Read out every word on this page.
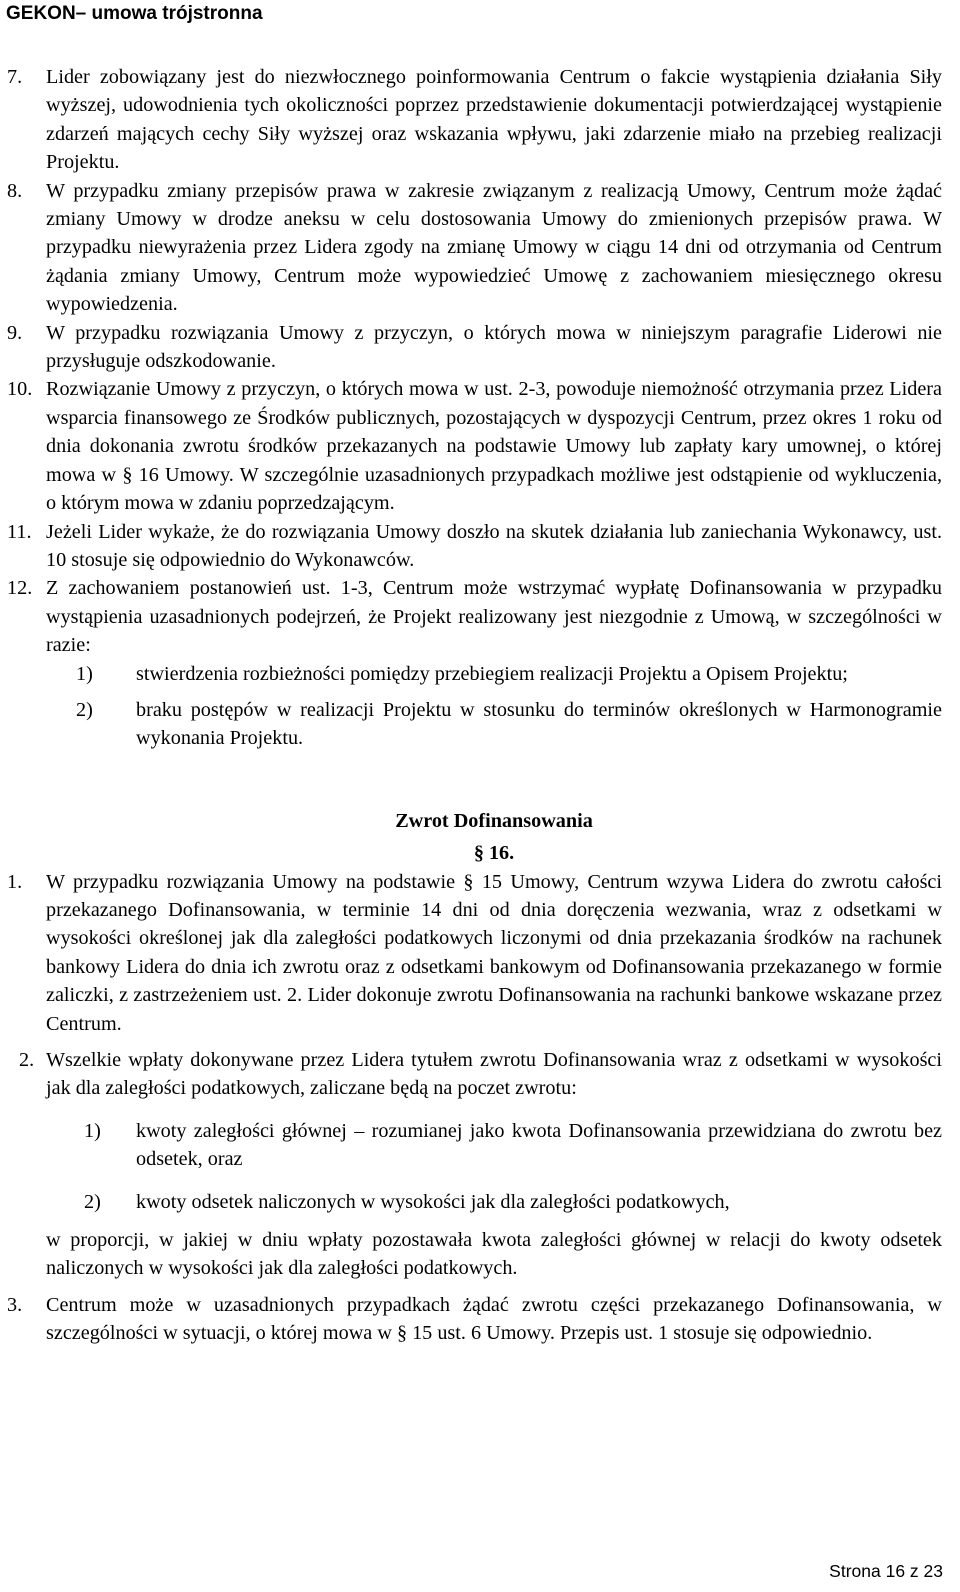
GEKON– umowa trójstronna
7. Lider zobowiązany jest do niezwłocznego poinformowania Centrum o fakcie wystąpienia działania Siły wyższej, udowodnienia tych okoliczności poprzez przedstawienie dokumentacji potwierdzającej wystąpienie zdarzeń mających cechy Siły wyższej oraz wskazania wpływu, jaki zdarzenie miało na przebieg realizacji Projektu.
8. W przypadku zmiany przepisów prawa w zakresie związanym z realizacją Umowy, Centrum może żądać zmiany Umowy w drodze aneksu w celu dostosowania Umowy do zmienionych przepisów prawa. W przypadku niewyrażenia przez Lidera zgody na zmianę Umowy w ciągu 14 dni od otrzymania od Centrum żądania zmiany Umowy, Centrum może wypowiedzieć Umowę z zachowaniem miesięcznego okresu wypowiedzenia.
9. W przypadku rozwiązania Umowy z przyczyn, o których mowa w niniejszym paragrafie Liderowi nie przysługuje odszkodowanie.
10. Rozwiązanie Umowy z przyczyn, o których mowa w ust. 2-3, powoduje niemożność otrzymania przez Lidera wsparcia finansowego ze Środków publicznych, pozostających w dyspozycji Centrum, przez okres 1 roku od dnia dokonania zwrotu środków przekazanych na podstawie Umowy lub zapłaty kary umownej, o której mowa w § 16 Umowy. W szczególnie uzasadnionych przypadkach możliwe jest odstąpienie od wykluczenia, o którym mowa w zdaniu poprzedzającym.
11. Jeżeli Lider wykaże, że do rozwiązania Umowy doszło na skutek działania lub zaniechania Wykonawcy, ust. 10 stosuje się odpowiednio do Wykonawców.
12. Z zachowaniem postanowień ust. 1-3, Centrum może wstrzymać wypłatę Dofinansowania w przypadku wystąpienia uzasadnionych podejrzeń, że Projekt realizowany jest niezgodnie z Umową, w szczególności w razie:
1) stwierdzenia rozbieżności pomiędzy przebiegiem realizacji Projektu a Opisem Projektu;
2) braku postępów w realizacji Projektu w stosunku do terminów określonych w Harmonogramie wykonania Projektu.
Zwrot Dofinansowania
§ 16.
1. W przypadku rozwiązania Umowy na podstawie § 15 Umowy, Centrum wzywa Lidera do zwrotu całości przekazanego Dofinansowania, w terminie 14 dni od dnia doręczenia wezwania, wraz z odsetkami w wysokości określonej jak dla zaległości podatkowych liczonymi od dnia przekazania środków na rachunek bankowy Lidera do dnia ich zwrotu oraz z odsetkami bankowym od Dofinansowania przekazanego w formie zaliczki, z zastrzeżeniem ust. 2. Lider dokonuje zwrotu Dofinansowania na rachunki bankowe wskazane przez Centrum.
2. Wszelkie wpłaty dokonywane przez Lidera tytułem zwrotu Dofinansowania wraz z odsetkami w wysokości jak dla zaległości podatkowych, zaliczane będą na poczet zwrotu:
1) kwoty zaległości głównej – rozumianej jako kwota Dofinansowania przewidziana do zwrotu bez odsetek, oraz
2) kwoty odsetek naliczonych w wysokości jak dla zaległości podatkowych,
w proporcji, w jakiej w dniu wpłaty pozostawała kwota zaległości głównej w relacji do kwoty odsetek naliczonych w wysokości jak dla zaległości podatkowych.
3. Centrum może w uzasadnionych przypadkach żądać zwrotu części przekazanego Dofinansowania, w szczególności w sytuacji, o której mowa w § 15 ust. 6 Umowy. Przepis ust. 1 stosuje się odpowiednio.
Strona 16 z 23
